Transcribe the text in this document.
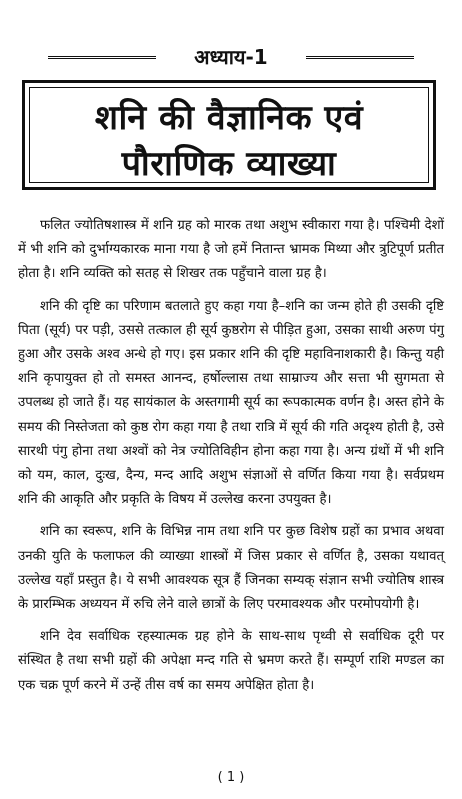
अध्याय-1
शनि की वैज्ञानिक एवं
पौराणिक व्याख्या

फलित ज्योतिषशास्त्र में शनि ग्रह को मारक तथा अशुभ स्वीकारा गया है। पश्चिमी देशों में भी शनि को दुर्भाग्यकारक माना गया है जो हमें नितान्त भ्रामक मिथ्या और त्रुटिपूर्ण प्रतीत होता है। शनि व्यक्ति को सतह से शिखर तक पहुँचाने वाला ग्रह है।

शनि की दृष्टि का परिणाम बतलाते हुए कहा गया है–शनि का जन्म होते ही उसकी दृष्टि पिता (सूर्य) पर पड़ी, उससे तत्काल ही सूर्य कुष्ठरोग से पीड़ित हुआ, उसका साथी अरुण पंगु हुआ और उसके अश्व अन्धे हो गए। इस प्रकार शनि की दृष्टि महाविनाशकारी है। किन्तु यही शनि कृपायुक्त हो तो समस्त आनन्द, हर्षोल्लास तथा साम्राज्य और सत्ता भी सुगमता से उपलब्ध हो जाते हैं। यह सायंकाल के अस्तगामी सूर्य का रूपकात्मक वर्णन है। अस्त होने के समय की निस्तेजता को कुष्ठ रोग कहा गया है तथा रात्रि में सूर्य की गति अदृश्य होती है, उसे सारथी पंगु होना तथा अश्वों को नेत्र ज्योतिविहीन होना कहा गया है। अन्य ग्रंथों में भी शनि को यम, काल, दुःख, दैन्य, मन्द आदि अशुभ संज्ञाओं से वर्णित किया गया है। सर्वप्रथम शनि की आकृति और प्रकृति के विषय में उल्लेख करना उपयुक्त है।

शनि का स्वरूप, शनि के विभिन्न नाम तथा शनि पर कुछ विशेष ग्रहों का प्रभाव अथवा उनकी युति के फलाफल की व्याख्या शास्त्रों में जिस प्रकार से वर्णित है, उसका यथावत् उल्लेख यहाँ प्रस्तुत है। ये सभी आवश्यक सूत्र हैं जिनका सम्यक् संज्ञान सभी ज्योतिष शास्त्र के प्रारम्भिक अध्ययन में रुचि लेने वाले छात्रों के लिए परमावश्यक और परमोपयोगी है।

शनि देव सर्वाधिक रहस्यात्मक ग्रह होने के साथ-साथ पृथ्वी से सर्वाधिक दूरी पर संस्थित है तथा सभी ग्रहों की अपेक्षा मन्द गति से भ्रमण करते हैं। सम्पूर्ण राशि मण्डल का एक चक्र पूर्ण करने में उन्हें तीस वर्ष का समय अपेक्षित होता है।

( 1 )
